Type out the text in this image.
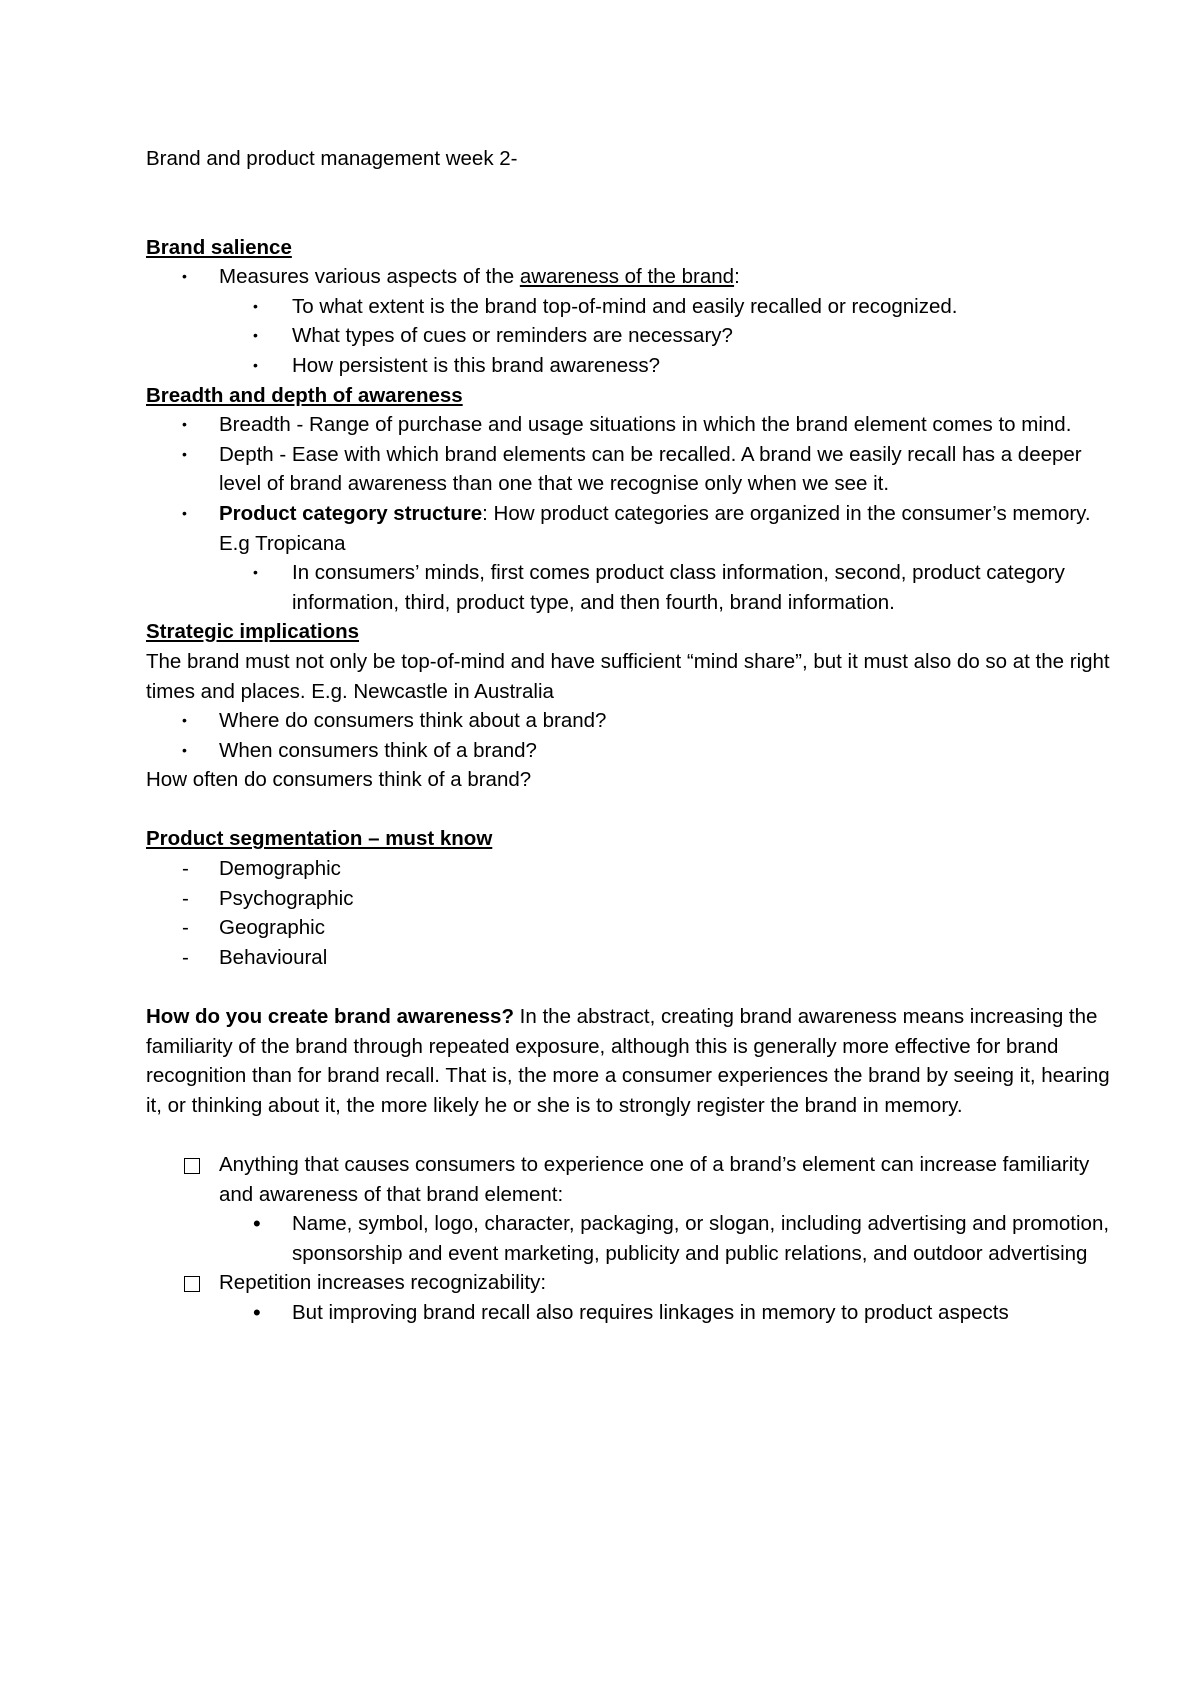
Brand and product management week 2-

Brand salience

• Measures various aspects of the awareness of the brand:
• To what extent is the brand top-of-mind and easily recalled or recognized.
• What types of cues or reminders are necessary?
• How persistent is this brand awareness?

Breadth and depth of awareness

• Breadth - Range of purchase and usage situations in which the brand element comes to mind.
• Depth - Ease with which brand elements can be recalled. A brand we easily recall has a deeper level of brand awareness than one that we recognise only when we see it.
• Product category structure: How product categories are organized in the consumer’s memory. E.g Tropicana
• In consumers’ minds, first comes product class information, second, product category information, third, product type, and then fourth, brand information.

Strategic implications

The brand must not only be top-of-mind and have sufficient “mind share”, but it must also do so at the right times and places. E.g. Newcastle in Australia

• Where do consumers think about a brand?
• When consumers think of a brand?

How often do consumers think of a brand?

Product segmentation – must know

- Demographic
- Psychographic
- Geographic
- Behavioural

How do you create brand awareness? In the abstract, creating brand awareness means increasing the familiarity of the brand through repeated exposure, although this is generally more effective for brand recognition than for brand recall. That is, the more a consumer experiences the brand by seeing it, hearing it, or thinking about it, the more likely he or she is to strongly register the brand in memory.

Anything that causes consumers to experience one of a brand’s element can increase familiarity and awareness of that brand element:
• Name, symbol, logo, character, packaging, or slogan, including advertising and promotion, sponsorship and event marketing, publicity and public relations, and outdoor advertising
Repetition increases recognizability:
• But improving brand recall also requires linkages in memory to product aspects
